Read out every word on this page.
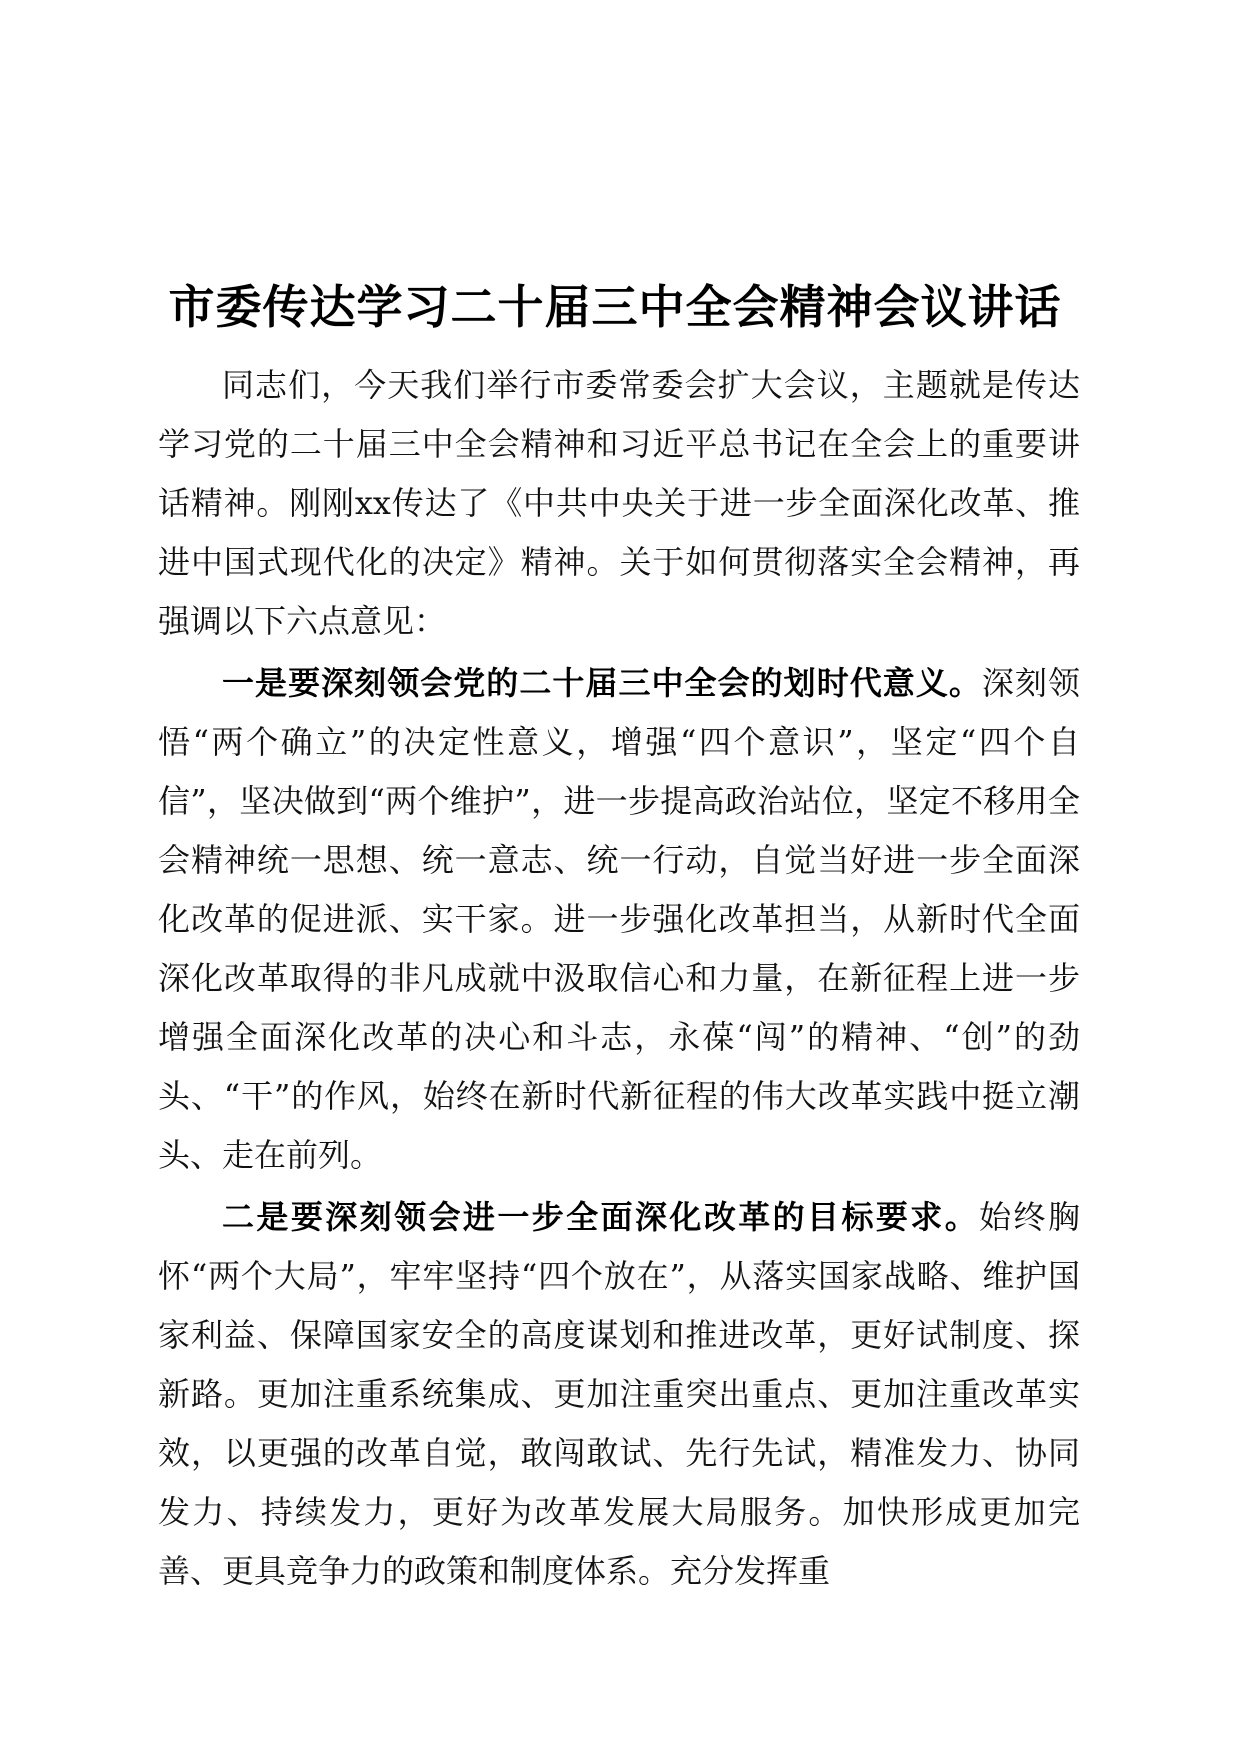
市委传达学习二十届三中全会精神会议讲话

同志们，今天我们举行市委常委会扩大会议，主题就是传达学习党的二十届三中全会精神和习近平总书记在全会上的重要讲话精神。刚刚xx传达了《中共中央关于进一步全面深化改革、推进中国式现代化的决定》精神。关于如何贯彻落实全会精神，再强调以下六点意见：

一是要深刻领会党的二十届三中全会的划时代意义。深刻领悟“两个确立”的决定性意义，增强“四个意识”，坚定“四个自信”，坚决做到“两个维护”，进一步提高政治站位，坚定不移用全会精神统一思想、统一意志、统一行动，自觉当好进一步全面深化改革的促进派、实干家。进一步强化改革担当，从新时代全面深化改革取得的非凡成就中汲取信心和力量，在新征程上进一步增强全面深化改革的决心和斗志，永葆“闯”的精神、“创”的劲头、“干”的作风，始终在新时代新征程的伟大改革实践中挺立潮头、走在前列。

二是要深刻领会进一步全面深化改革的目标要求。始终胸怀“两个大局”，牢牢坚持“四个放在”，从落实国家战略、维护国家利益、保障国家安全的高度谋划和推进改革，更好试制度、探新路。更加注重系统集成、更加注重突出重点、更加注重改革实效，以更强的改革自觉，敢闯敢试、先行先试，精准发力、协同发力、持续发力，更好为改革发展大局服务。加快形成更加完善、更具竞争力的政策和制度体系。充分发挥重
